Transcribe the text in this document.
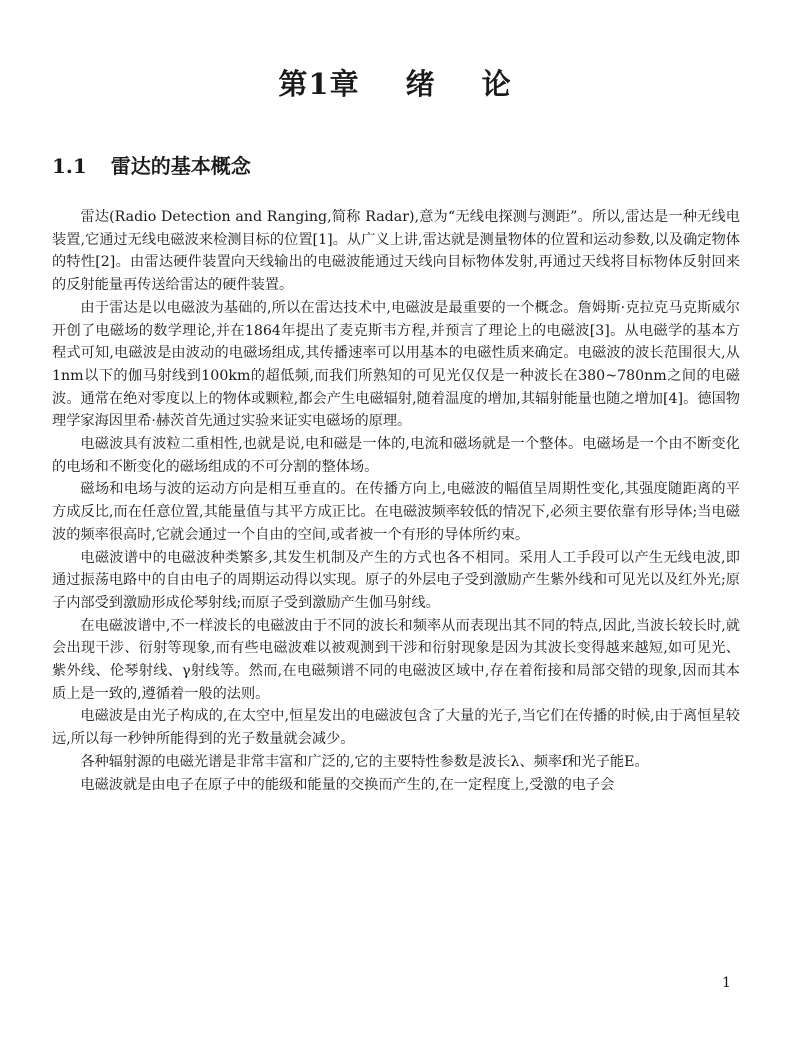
第1章 绪 论
1.1 雷达的基本概念

雷达(Radio Detection and Ranging,简称 Radar),意为“无线电探测与测距”。所以,雷达是一种无线电装置,它通过无线电磁波来检测目标的位置[1]。从广义上讲,雷达就是测量物体的位置和运动参数,以及确定物体的特性[2]。由雷达硬件装置向天线输出的电磁波能通过天线向目标物体发射,再通过天线将目标物体反射回来的反射能量再传送给雷达的硬件装置。

由于雷达是以电磁波为基础的,所以在雷达技术中,电磁波是最重要的一个概念。詹姆斯·克拉克马克斯威尔开创了电磁场的数学理论,并在1864年提出了麦克斯韦方程,并预言了理论上的电磁波[3]。从电磁学的基本方程式可知,电磁波是由波动的电磁场组成,其传播速率可以用基本的电磁性质来确定。电磁波的波长范围很大,从1nm以下的伽马射线到100km的超低频,而我们所熟知的可见光仅仅是一种波长在380~780nm之间的电磁波。通常在绝对零度以上的物体或颗粒,都会产生电磁辐射,随着温度的增加,其辐射能量也随之增加[4]。德国物理学家海因里希·赫茨首先通过实验来证实电磁场的原理。

电磁波具有波粒二重相性,也就是说,电和磁是一体的,电流和磁场就是一个整体。电磁场是一个由不断变化的电场和不断变化的磁场组成的不可分割的整体场。

磁场和电场与波的运动方向是相互垂直的。在传播方向上,电磁波的幅值呈周期性变化,其强度随距离的平方成反比,而在任意位置,其能量值与其平方成正比。在电磁波频率较低的情况下,必须主要依靠有形导体;当电磁波的频率很高时,它就会通过一个自由的空间,或者被一个有形的导体所约束。

电磁波谱中的电磁波种类繁多,其发生机制及产生的方式也各不相同。采用人工手段可以产生无线电波,即通过振荡电路中的自由电子的周期运动得以实现。原子的外层电子受到激励产生紫外线和可见光以及红外光;原子内部受到激励形成伦琴射线;而原子受到激励产生伽马射线。

在电磁波谱中,不一样波长的电磁波由于不同的波长和频率从而表现出其不同的特点,因此,当波长较长时,就会出现干涉、衍射等现象,而有些电磁波难以被观测到干涉和衍射现象是因为其波长变得越来越短,如可见光、紫外线、伦琴射线、γ射线等。然而,在电磁频谱不同的电磁波区域中,存在着衔接和局部交错的现象,因而其本质上是一致的,遵循着一般的法则。

电磁波是由光子构成的,在太空中,恒星发出的电磁波包含了大量的光子,当它们在传播的时候,由于离恒星较远,所以每一秒钟所能得到的光子数量就会减少。

各种辐射源的电磁光谱是非常丰富和广泛的,它的主要特性参数是波长λ、频率f和光子能E。

电磁波就是由电子在原子中的能级和能量的交换而产生的,在一定程度上,受激的电子会

1
